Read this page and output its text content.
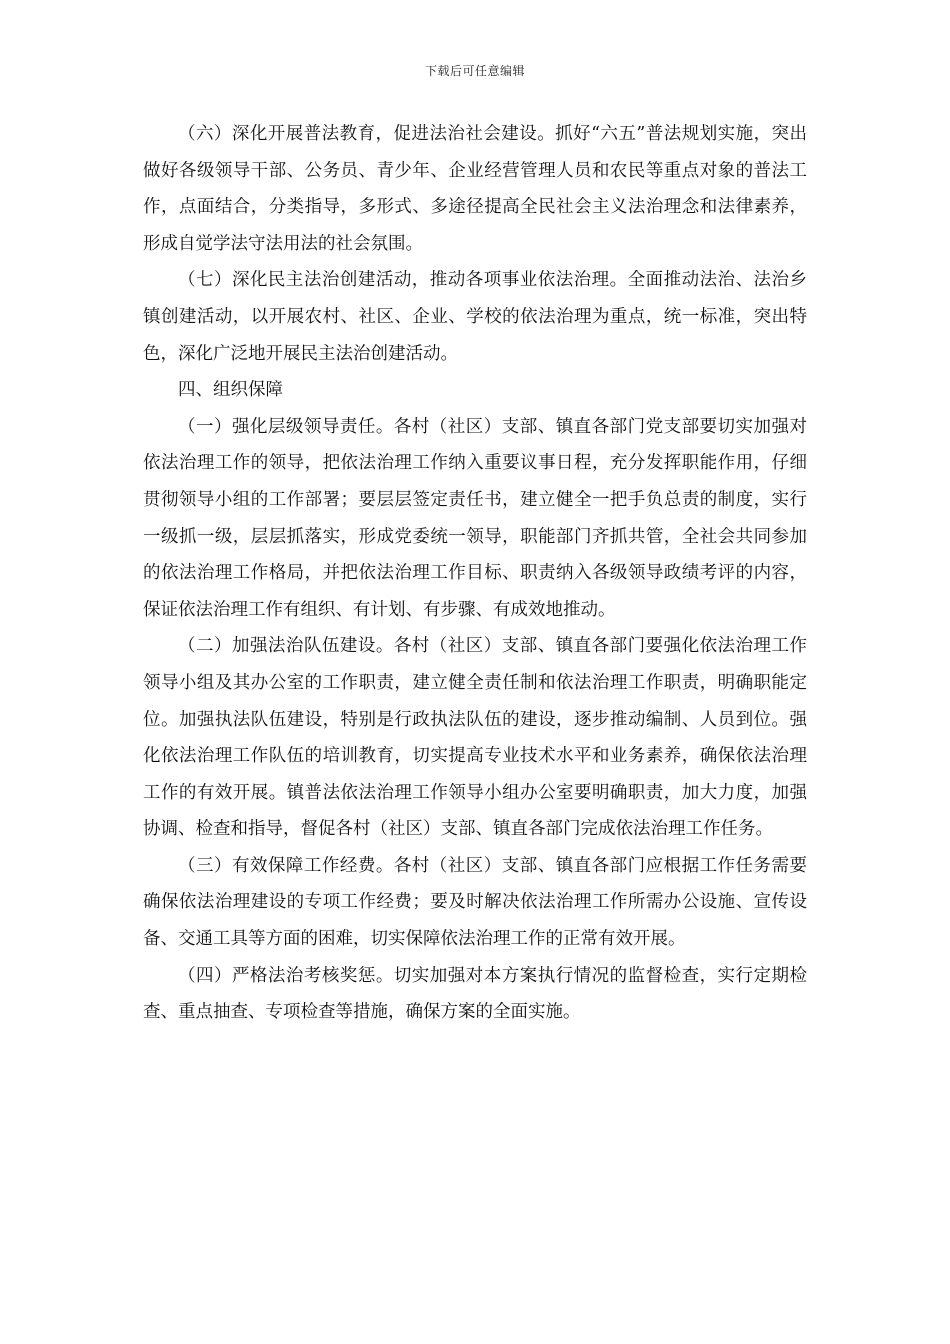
下载后可任意编辑

（六）深化开展普法教育，促进法治社会建设。抓好“六五”普法规划实施，突出做好各级领导干部、公务员、青少年、企业经营管理人员和农民等重点对象的普法工作，点面结合，分类指导，多形式、多途径提高全民社会主义法治理念和法律素养，形成自觉学法守法用法的社会氛围。

（七）深化民主法治创建活动，推动各项事业依法治理。全面推动法治、法治乡镇创建活动，以开展农村、社区、企业、学校的依法治理为重点，统一标准，突出特色，深化广泛地开展民主法治创建活动。

四、组织保障

（一）强化层级领导责任。各村（社区）支部、镇直各部门党支部要切实加强对依法治理工作的领导，把依法治理工作纳入重要议事日程，充分发挥职能作用，仔细贯彻领导小组的工作部署；要层层签定责任书，建立健全一把手负总责的制度，实行一级抓一级，层层抓落实，形成党委统一领导，职能部门齐抓共管，全社会共同参加的依法治理工作格局，并把依法治理工作目标、职责纳入各级领导政绩考评的内容，保证依法治理工作有组织、有计划、有步骤、有成效地推动。

（二）加强法治队伍建设。各村（社区）支部、镇直各部门要强化依法治理工作领导小组及其办公室的工作职责，建立健全责任制和依法治理工作职责，明确职能定位。加强执法队伍建设，特别是行政执法队伍的建设，逐步推动编制、人员到位。强化依法治理工作队伍的培训教育，切实提高专业技术水平和业务素养，确保依法治理工作的有效开展。镇普法依法治理工作领导小组办公室要明确职责，加大力度，加强协调、检查和指导，督促各村（社区）支部、镇直各部门完成依法治理工作任务。

（三）有效保障工作经费。各村（社区）支部、镇直各部门应根据工作任务需要确保依法治理建设的专项工作经费；要及时解决依法治理工作所需办公设施、宣传设备、交通工具等方面的困难，切实保障依法治理工作的正常有效开展。

（四）严格法治考核奖惩。切实加强对本方案执行情况的监督检查，实行定期检查、重点抽查、专项检查等措施，确保方案的全面实施。
